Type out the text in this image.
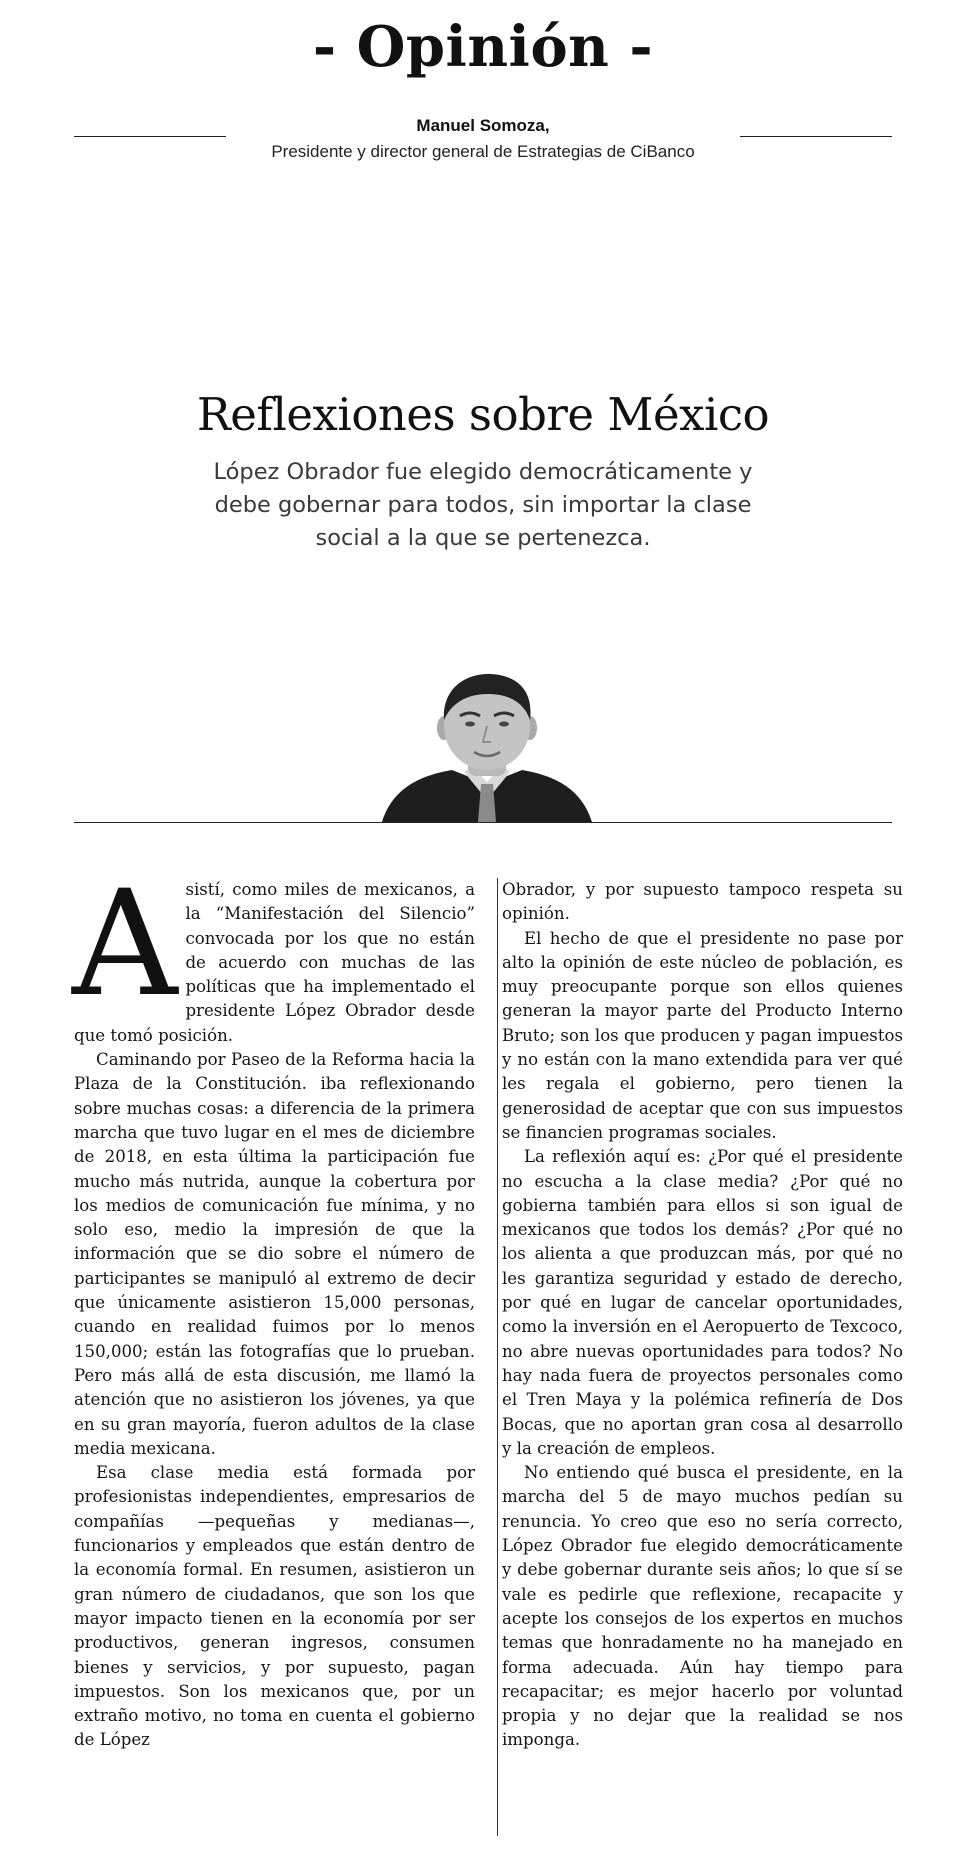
- Opinión -
Manuel Somoza,
Presidente y director general de Estrategias de CiBanco
Reflexiones sobre México
López Obrador fue elegido democráticamente y debe gobernar para todos, sin importar la clase social a la que se pertenezca.
A sistí, como miles de mexicanos, a la “Manifestación del Silencio” convocada por los que no están de acuerdo con muchas de las políticas que ha implementado el presidente López Obrador desde que tomó posición.

Caminando por Paseo de la Reforma hacia la Plaza de la Constitución. iba reflexionando sobre muchas cosas: a diferencia de la primera marcha que tuvo lugar en el mes de diciembre de 2018, en esta última la participación fue mucho más nutrida, aunque la cobertura por los medios de comunicación fue mínima, y no solo eso, medio la impresión de que la información que se dio sobre el número de participantes se manipuló al extremo de decir que únicamente asistieron 15,000 personas, cuando en realidad fuimos por lo menos 150,000; están las fotografías que lo prueban. Pero más allá de esta discusión, me llamó la atención que no asistieron los jóvenes, ya que en su gran mayoría, fueron adultos de la clase media mexicana.

Esa clase media está formada por profesionistas independientes, empresarios de compañías —pequeñas y medianas—, funcionarios y empleados que están dentro de la economía formal. En resumen, asistieron un gran número de ciudadanos, que son los que mayor impacto tienen en la economía por ser productivos, generan ingresos, consumen bienes y servicios, y por supuesto, pagan impuestos. Son los mexicanos que, por un extraño motivo, no toma en cuenta el gobierno de López

Obrador, y por supuesto tampoco respeta su opinión.

El hecho de que el presidente no pase por alto la opinión de este núcleo de población, es muy preocupante porque son ellos quienes generan la mayor parte del Producto Interno Bruto; son los que producen y pagan impuestos y no están con la mano extendida para ver qué les regala el gobierno, pero tienen la generosidad de aceptar que con sus impuestos se financien programas sociales.

La reflexión aquí es: ¿Por qué el presidente no escucha a la clase media? ¿Por qué no gobierna también para ellos si son igual de mexicanos que todos los demás? ¿Por qué no los alienta a que produzcan más, por qué no les garantiza seguridad y estado de derecho, por qué en lugar de cancelar oportunidades, como la inversión en el Aeropuerto de Texcoco, no abre nuevas oportunidades para todos? No hay nada fuera de proyectos personales como el Tren Maya y la polémica refinería de Dos Bocas, que no aportan gran cosa al desarrollo y la creación de empleos.

No entiendo qué busca el presidente, en la marcha del 5 de mayo muchos pedían su renuncia. Yo creo que eso no sería correcto, López Obrador fue elegido democráticamente y debe gobernar durante seis años; lo que sí se vale es pedirle que reflexione, recapacite y acepte los consejos de los expertos en muchos temas que honradamente no ha manejado en forma adecuada. Aún hay tiempo para recapacitar; es mejor hacerlo por voluntad propia y no dejar que la realidad se nos imponga.
